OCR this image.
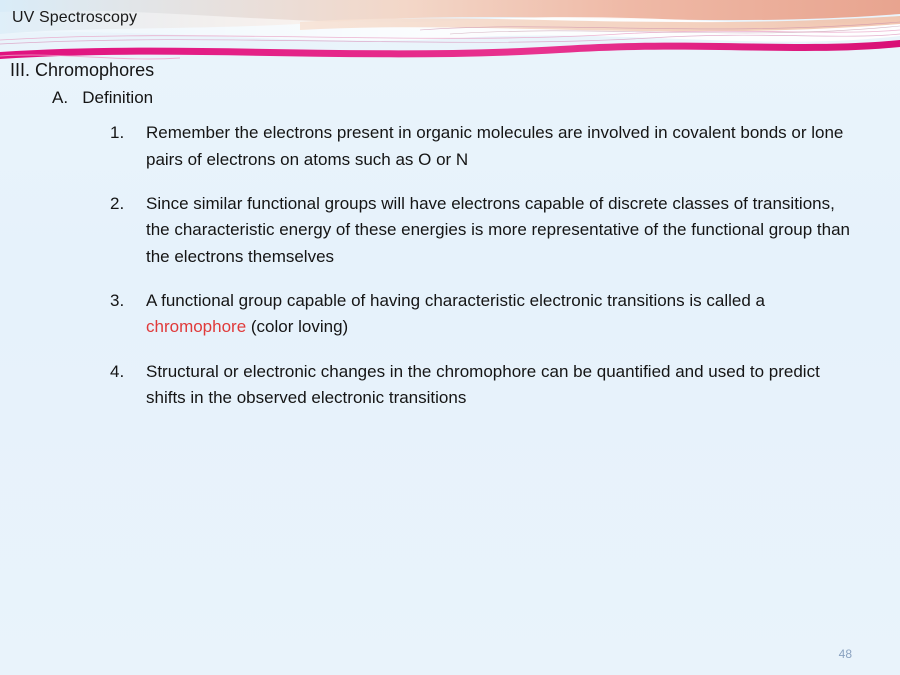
UV Spectroscopy
III. Chromophores
A. Definition
1.	Remember the electrons present in organic molecules are involved in covalent bonds or lone pairs of electrons on atoms such as O or N
2.	Since similar functional groups will have electrons capable of discrete classes of transitions, the characteristic energy of these energies is more representative of the functional group than the electrons themselves
3.	A functional group capable of having characteristic electronic transitions is called a chromophore (color loving)
4.	Structural or electronic changes in the chromophore can be quantified and used to predict shifts in the observed electronic transitions
48
